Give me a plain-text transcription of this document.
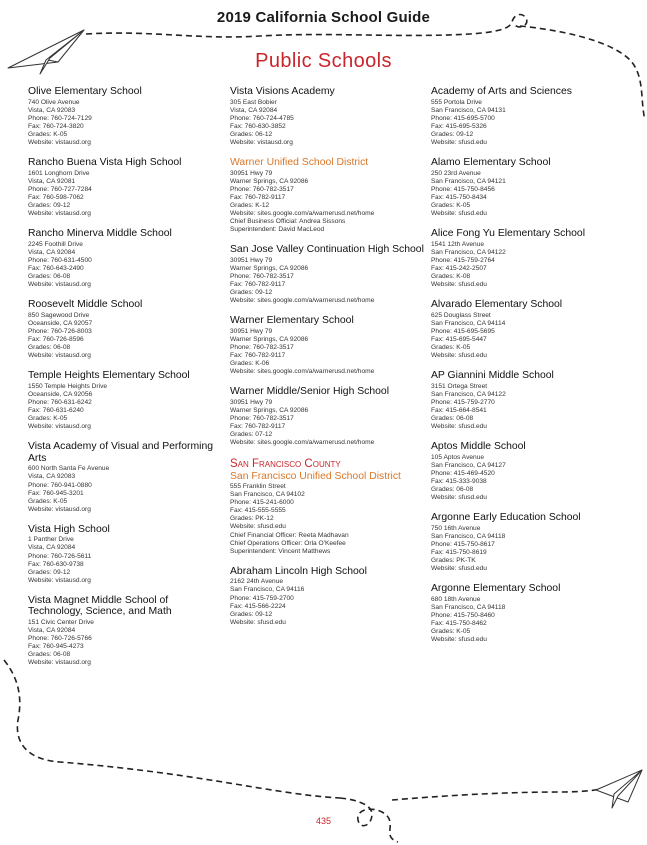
2019 California School Guide
Public Schools
Olive Elementary School
740 Olive Avenue
Vista, CA 92083
Phone: 760-724-7129
Fax: 760-724-3820
Grades: K-05
Website: vistausd.org
Rancho Buena Vista High School
1601 Longhorn Drive
Vista, CA 92081
Phone: 760-727-7284
Fax: 760-598-7062
Grades: 09-12
Website: vistausd.org
Rancho Minerva Middle School
2245 Foothill Drive
Vista, CA 92084
Phone: 760-631-4500
Fax: 760-643-2490
Grades: 06-08
Website: vistausd.org
Roosevelt Middle School
850 Sagewood Drive
Oceanside, CA 92057
Phone: 760-726-8003
Fax: 760-726-8596
Grades: 06-08
Website: vistausd.org
Temple Heights Elementary School
1550 Temple Heights Drive
Oceanside, CA 92056
Phone: 760-631-6242
Fax: 760-631-6240
Grades: K-05
Website: vistausd.org
Vista Academy of Visual and Performing Arts
600 North Santa Fe Avenue
Vista, CA 92083
Phone: 760-941-0880
Fax: 760-945-3201
Grades: K-05
Website: vistausd.org
Vista High School
1 Panther Drive
Vista, CA 92084
Phone: 760-726-5611
Fax: 760-630-9738
Grades: 09-12
Website: vistausd.org
Vista Magnet Middle School of Technology, Science, and Math
151 Civic Center Drive
Vista, CA 92084
Phone: 760-726-5766
Fax: 760-945-4273
Grades: 06-08
Website: vistausd.org
Vista Visions Academy
305 East Bobier
Vista, CA 92084
Phone: 760-724-4785
Fax: 760-630-3852
Grades: 06-12
Website: vistausd.org
Warner Unified School District
30951 Hwy 79
Warner Springs, CA 92086
Phone: 760-782-3517
Fax: 760-782-9117
Grades: K-12
Website: sites.google.com/a/warnerusd.net/home
Chief Business Official: Andrea Sissons
Superintendent: David MacLeod
San Jose Valley Continuation High School
30951 Hwy 79
Warner Springs, CA 92086
Phone: 760-782-3517
Fax: 760-782-9117
Grades: 09-12
Website: sites.google.com/a/warnerusd.net/home
Warner Elementary School
30951 Hwy 79
Warner Springs, CA 92086
Phone: 760-782-3517
Fax: 760-782-9117
Grades: K-06
Website: sites.google.com/a/warnerusd.net/home
Warner Middle/Senior High School
30951 Hwy 79
Warner Springs, CA 92086
Phone: 760-782-3517
Fax: 760-782-9117
Grades: 07-12
Website: sites.google.com/a/warnerusd.net/home
San Francisco County
San Francisco Unified School District
555 Franklin Street
San Francisco, CA 94102
Phone: 415-241-6000
Fax: 415-555-5555
Grades: PK-12
Website: sfusd.edu
Chief Financial Officer: Reeta Madhavan
Chief Operations Officer: Orla O'Keefee
Superintendent: Vincent Matthews
Abraham Lincoln High School
2162 24th Avenue
San Francisco, CA 94116
Phone: 415-759-2700
Fax: 415-566-2224
Grades: 09-12
Website: sfusd.edu
Academy of Arts and Sciences
555 Portola Drive
San Francisco, CA 94131
Phone: 415-695-5700
Fax: 415-695-5326
Grades: 09-12
Website: sfusd.edu
Alamo Elementary School
250 23rd Avenue
San Francisco, CA 94121
Phone: 415-750-8456
Fax: 415-750-8434
Grades: K-05
Website: sfusd.edu
Alice Fong Yu Elementary School
1541 12th Avenue
San Francisco, CA 94122
Phone: 415-759-2764
Fax: 415-242-2507
Grades: K-08
Website: sfusd.edu
Alvarado Elementary School
625 Douglass Street
San Francisco, CA 94114
Phone: 415-695-5695
Fax: 415-695-5447
Grades: K-05
Website: sfusd.edu
AP Giannini Middle School
3151 Ortega Street
San Francisco, CA 94122
Phone: 415-759-2770
Fax: 415-664-8541
Grades: 06-08
Website: sfusd.edu
Aptos Middle School
105 Aptos Avenue
San Francisco, CA 94127
Phone: 415-469-4520
Fax: 415-333-9038
Grades: 06-08
Website: sfusd.edu
Argonne Early Education School
750 16th Avenue
San Francisco, CA 94118
Phone: 415-750-8617
Fax: 415-750-8619
Grades: PK-TK
Website: sfusd.edu
Argonne Elementary School
680 18th Avenue
San Francisco, CA 94118
Phone: 415-750-8460
Fax: 415-750-8462
Grades: K-05
Website: sfusd.edu
435
